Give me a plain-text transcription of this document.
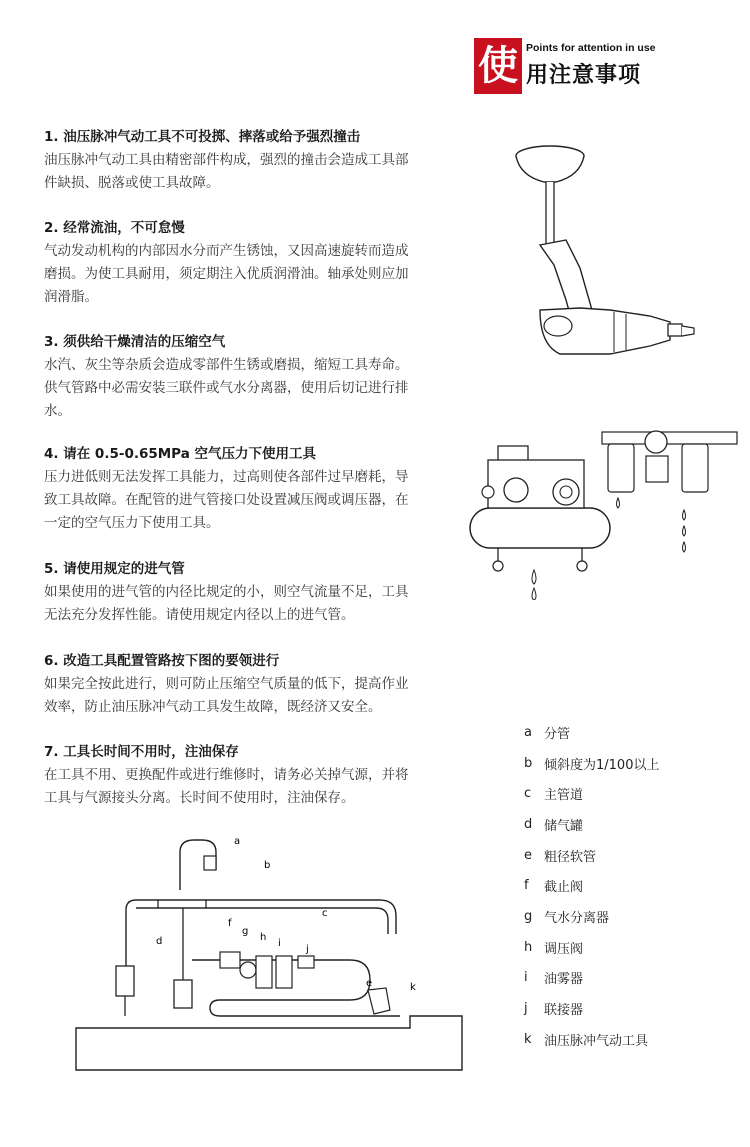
使 Points for attention in use
用注意事项

1. 油压脉冲气动工具不可投掷、摔落或给予强烈撞击

油压脉冲气动工具由精密部件构成，强烈的撞击会造成工具部
件缺损、脱落或使工具故障。

2. 经常流油，不可怠慢

气动发动机构的内部因水分而产生锈蚀，又因高速旋转而造成
磨损。为使工具耐用，须定期注入优质润滑油。轴承处则应加
润滑脂。

3. 须供给干燥清洁的压缩空气

水汽、灰尘等杂质会造成零部件生锈或磨损，缩短工具寿命。
供气管路中必需安装三联件或气水分离器，使用后切记进行排
水。

4. 请在 0.5-0.65MPa 空气压力下使用工具

压力进低则无法发挥工具能力，过高则使各部件过早磨耗，导
致工具故障。在配管的进气管接口处设置减压阀或调压器，在
一定的空气压力下使用工具。

5. 请使用规定的进气管

如果使用的进气管的内径比规定的小，则空气流量不足，工具
无法充分发挥性能。请使用规定内径以上的进气管。

6. 改造工具配置管路按下图的要领进行

如果完全按此进行，则可防止压缩空气质量的低下，提高作业
效率，防止油压脉冲气动工具发生故障，既经济又安全。

7. 工具长时间不用时，注油保存

在工具不用、更换配件或进行维修时，请务必关掉气源，并将
工具与气源接头分离。长时间不使用时，注油保存。

a
b
c
d
e
f
g
h
i
j
k
a 分管
b 倾斜度为1/100以上
c 主管道
d 储气罐
e 粗径软管
f	截止阀
g 气水分离器
h 调压阀
i	油雾器
j	联接器
k 油压脉冲气动工具
